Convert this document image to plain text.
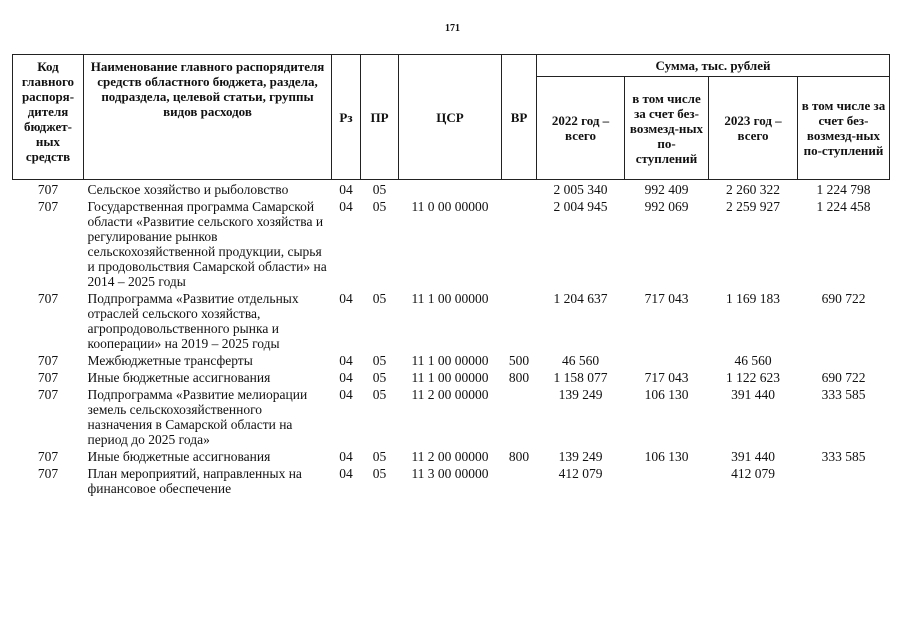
171
Код главного распоря-дителя бюджет-ных средств	Наименование главного распорядителя средств областного бюджета, раздела, подраздела, целевой статьи, группы видов расходов	Рз	ПР	ЦСР	ВР	Сумма, тыс. рублей			
						2022 год – всего	в том числе за счет без-возмезд-ных по-ступлений	2023 год – всего	в том числе за счет без-возмезд-ных по-ступлений
707	Сельское хозяйство и рыболовство	04	05			2 005 340	992 409	2 260 322	1 224 798
707	Государственная программа Самарской области «Развитие сельского хозяйства и регулирование рынков сельскохозяйственной продукции, сырья и продовольствия Самарской области» на 2014 – 2025 годы	04	05	11 0 00 00000		2 004 945	992 069	2 259 927	1 224 458
707	Подпрограмма «Развитие отдельных отраслей сельского хозяйства, агропродовольственного рынка и кооперации» на 2019 – 2025 годы	04	05	11 1 00 00000		1 204 637	717 043	1 169 183	690 722
707	Межбюджетные трансферты	04	05	11 1 00 00000	500	46 560		46 560	
707	Иные бюджетные ассигнования	04	05	11 1 00 00000	800	1 158 077	717 043	1 122 623	690 722
707	Подпрограмма «Развитие мелиорации земель сельскохозяйственного назначения в Самарской области на период до 2025 года»	04	05	11 2 00 00000		139 249	106 130	391 440	333 585
707	Иные бюджетные ассигнования	04	05	11 2 00 00000	800	139 249	106 130	391 440	333 585
707	План мероприятий, направленных на финансовое обеспечение	04	05	11 3 00 00000		412 079		412 079	
